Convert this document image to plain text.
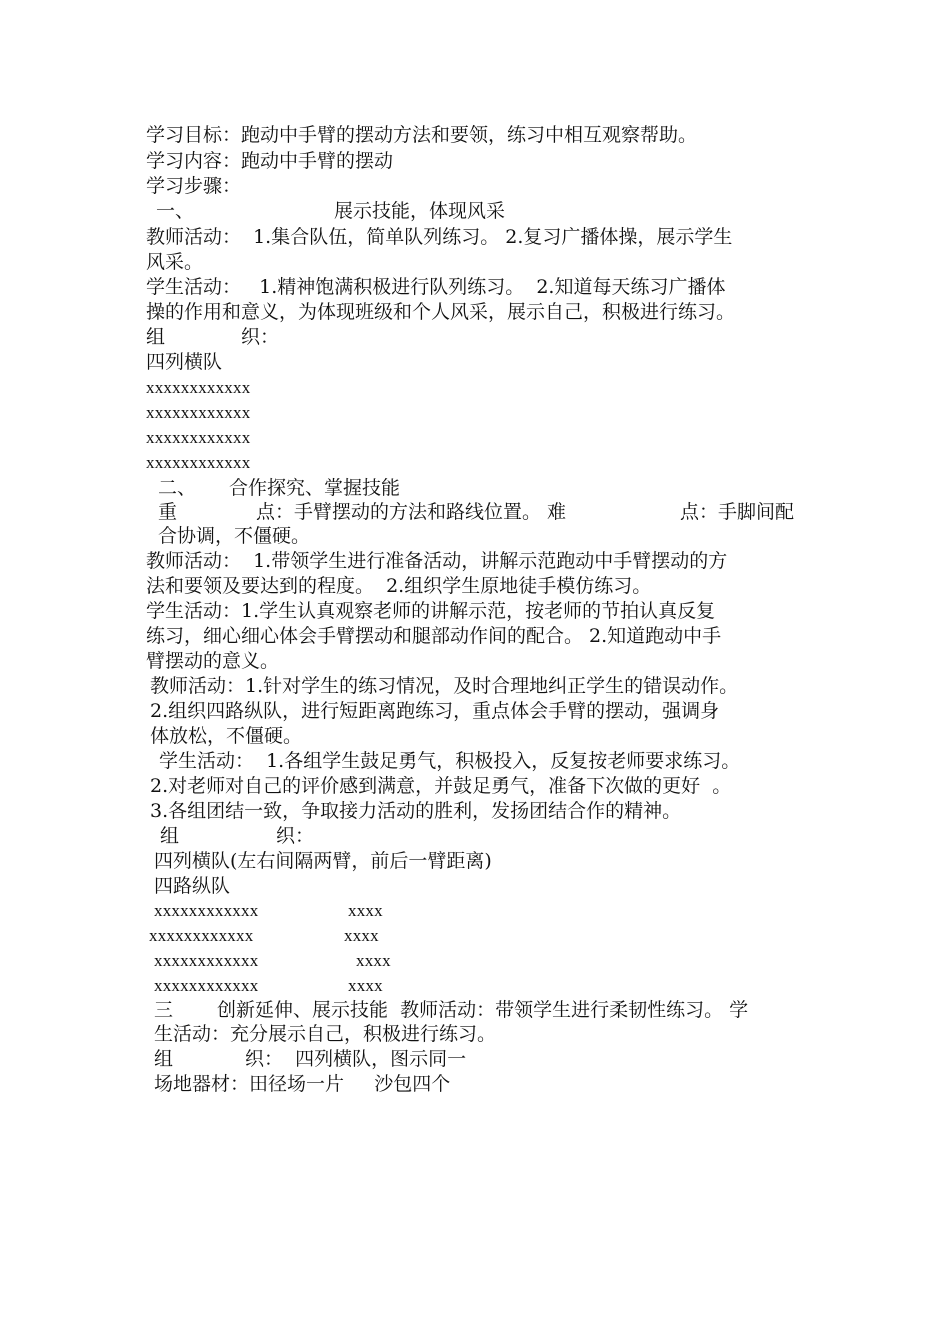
学习目标：跑动中手臂的摆动方法和要领，练习中相互观察帮助。
学习内容：跑动中手臂的摆动
学习步骤：
一、	展示技能，体现风采
教师活动：  1.集合队伍，简单队列练习。 2.复习广播体操，展示学生
风采。
学生活动：   1.精神饱满积极进行队列练习。  2.知道每天练习广播体
操的作用和意义，为体现班级和个人风采，展示自己，积极进行练习。
组	织：
四列横队
xxxxxxxxxxxx
xxxxxxxxxxxx
xxxxxxxxxxxx
xxxxxxxxxxxx
二、 合作探究、掌握技能
重	点：手臂摆动的方法和路线位置。 难	点：手脚间配
合协调，不僵硬。
教师活动：  1.带领学生进行准备活动，讲解示范跑动中手臂摆动的方
法和要领及要达到的程度。  2.组织学生原地徒手模仿练习。
学生活动：1.学生认真观察老师的讲解示范，按老师的节拍认真反复
练习，细心细心体会手臂摆动和腿部动作间的配合。 2.知道跑动中手
臂摆动的意义。
教师活动：1.针对学生的练习情况，及时合理地纠正学生的错误动作。
2.组织四路纵队，进行短距离跑练习，重点体会手臂的摆动，强调身
体放松，不僵硬。
学生活动：  1.各组学生鼓足勇气，积极投入，反复按老师要求练习。
2.对老师对自己的评价感到满意，并鼓足勇气，准备下次做的更好  。
3.各组团结一致，争取接力活动的胜利，发扬团结合作的精神。
组	织：
四列横队(左右间隔两臂，前后一臂距离)
四路纵队
xxxxxxxxxxxx	xxxx
xxxxxxxxxxxx	xxxx
xxxxxxxxxxxx	xxxx
xxxxxxxxxxxx	xxxx
三 创新延伸、展示技能  教师活动：带领学生进行柔韧性练习。 学
生活动：充分展示自己，积极进行练习。
组	织：  四列横队，图示同一
场地器材：田径场一片     沙包四个
